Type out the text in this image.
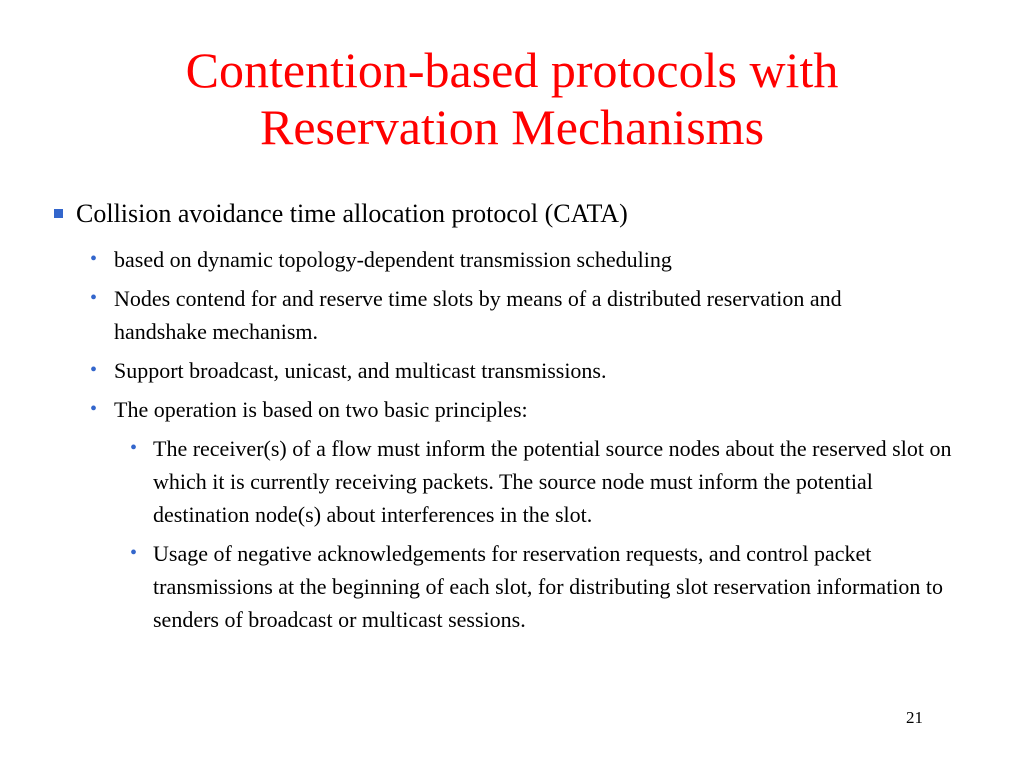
Contention-based protocols with
Reservation Mechanisms
Collision avoidance time allocation protocol (CATA)
• based on dynamic topology-dependent transmission scheduling
• Nodes contend for and reserve time slots by means of a distributed reservation and handshake mechanism.
• Support broadcast, unicast, and multicast transmissions.
• The operation is based on two basic principles:
• The receiver(s) of a flow must inform the potential source nodes about the reserved slot on which it is currently receiving packets. The source node must inform the potential destination node(s) about interferences in the slot.
• Usage of negative acknowledgements for reservation requests, and control packet transmissions at the beginning of each slot, for distributing slot reservation information to senders of broadcast or multicast sessions.
21
